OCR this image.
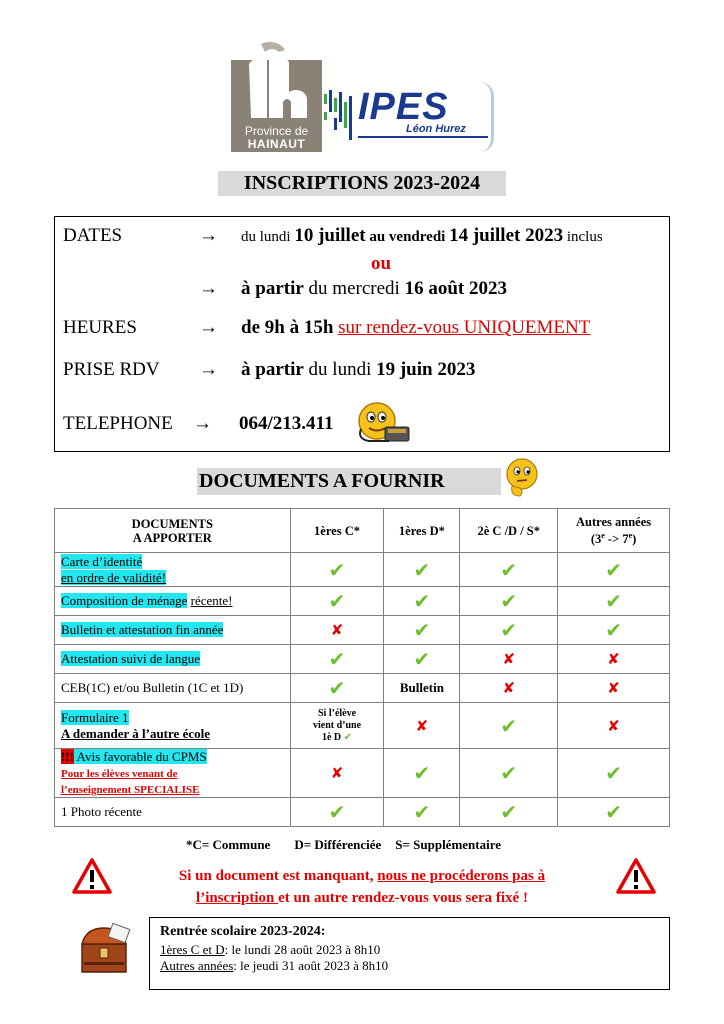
Province de
HAINAUT
IPES
Léon Hurez
INSCRIPTIONS 2023-2024
DATES	→ du lundi 10 juillet au vendredi 14 juillet 2023 inclus
ou
→ à partir du mercredi 16 août 2023
HEURES	→ de 9h à 15h sur rendez-vous UNIQUEMENT
PRISE RDV → à partir du lundi 19 juin 2023
TELEPHONE → 064/213.411
DOCUMENTS A FOURNIR
DOCUMENTS
A APPORTER	1ères C*	1ères D*	2è C /D / S*	Autres années
$(3e -> 7^e)$
Carte d’identité
en ordre de validité!	✔	✔	✔	✔
Composition de ménage récente!	✔	✔	✔	✔
Bulletin et attestation fin année	✘	✔	✔	✔
Attestation suivi de langue	✔	✔	✘	✘
CEB(1C) et/ou Bulletin (1C et 1D)	✔	Bulletin	✘	✘
Formulaire 1
A demander à l’autre école	Si l’élève
vient d’une
1è D ✔	✘	✔	✘
!!! Avis favorable du CPMS
Pour les élèves venant de
l’enseignement SPECIALISE	✘	✔	✔	✔
1 Photo récente	✔	✔	✔	✔
*C= Commune D= Différenciée S= Supplémentaire
Si un document est manquant, nous ne procéderons pas à
l’inscription et un autre rendez-vous vous sera fixé !
Rentrée scolaire 2023-2024:
1ères C et D: le lundi 28 août 2023 à 8h10
Autres années: le jeudi 31 août 2023 à 8h10
